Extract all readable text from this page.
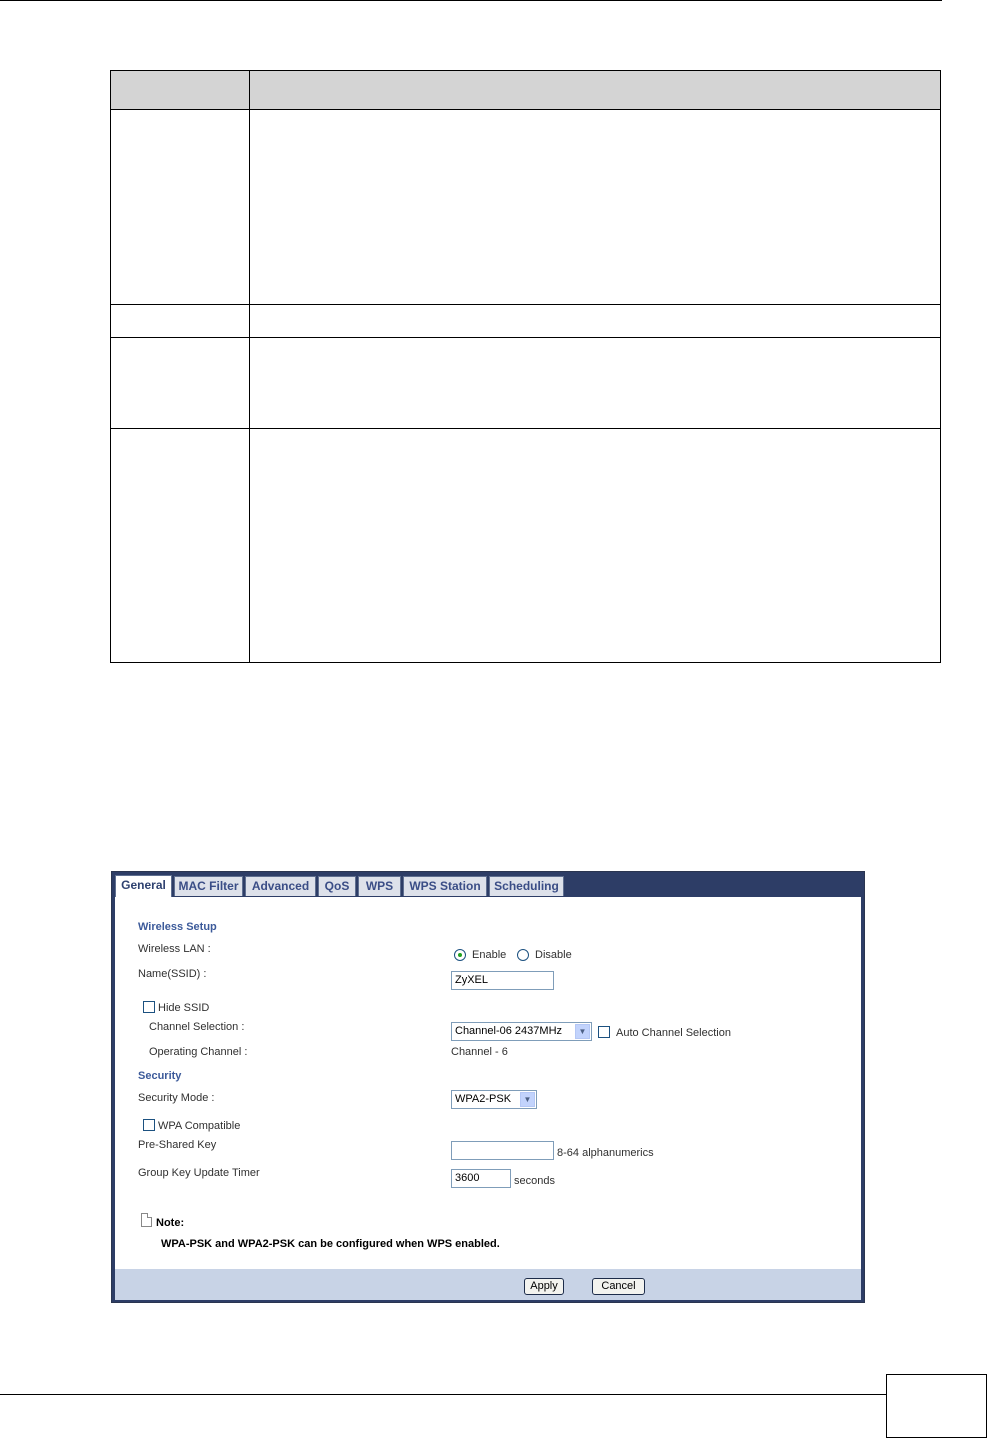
General	MAC Filter	Advanced	QoS	WPS	WPS Station	Scheduling
Wireless Setup
Wireless LAN :	Enable	Disable
Name(SSID) :	ZyXEL
Hide SSID
Channel Selection :	Channel-06 2437MHz	▼	Auto Channel Selection
Operating Channel :	Channel - 6
Security
Security Mode :	WPA2-PSK	▼
WPA Compatible
Pre-Shared Key
8-64 alphanumerics
Group Key Update Timer	3600	seconds
Note:
WPA-PSK and WPA2-PSK can be configured when WPS enabled.
Apply	Cancel
